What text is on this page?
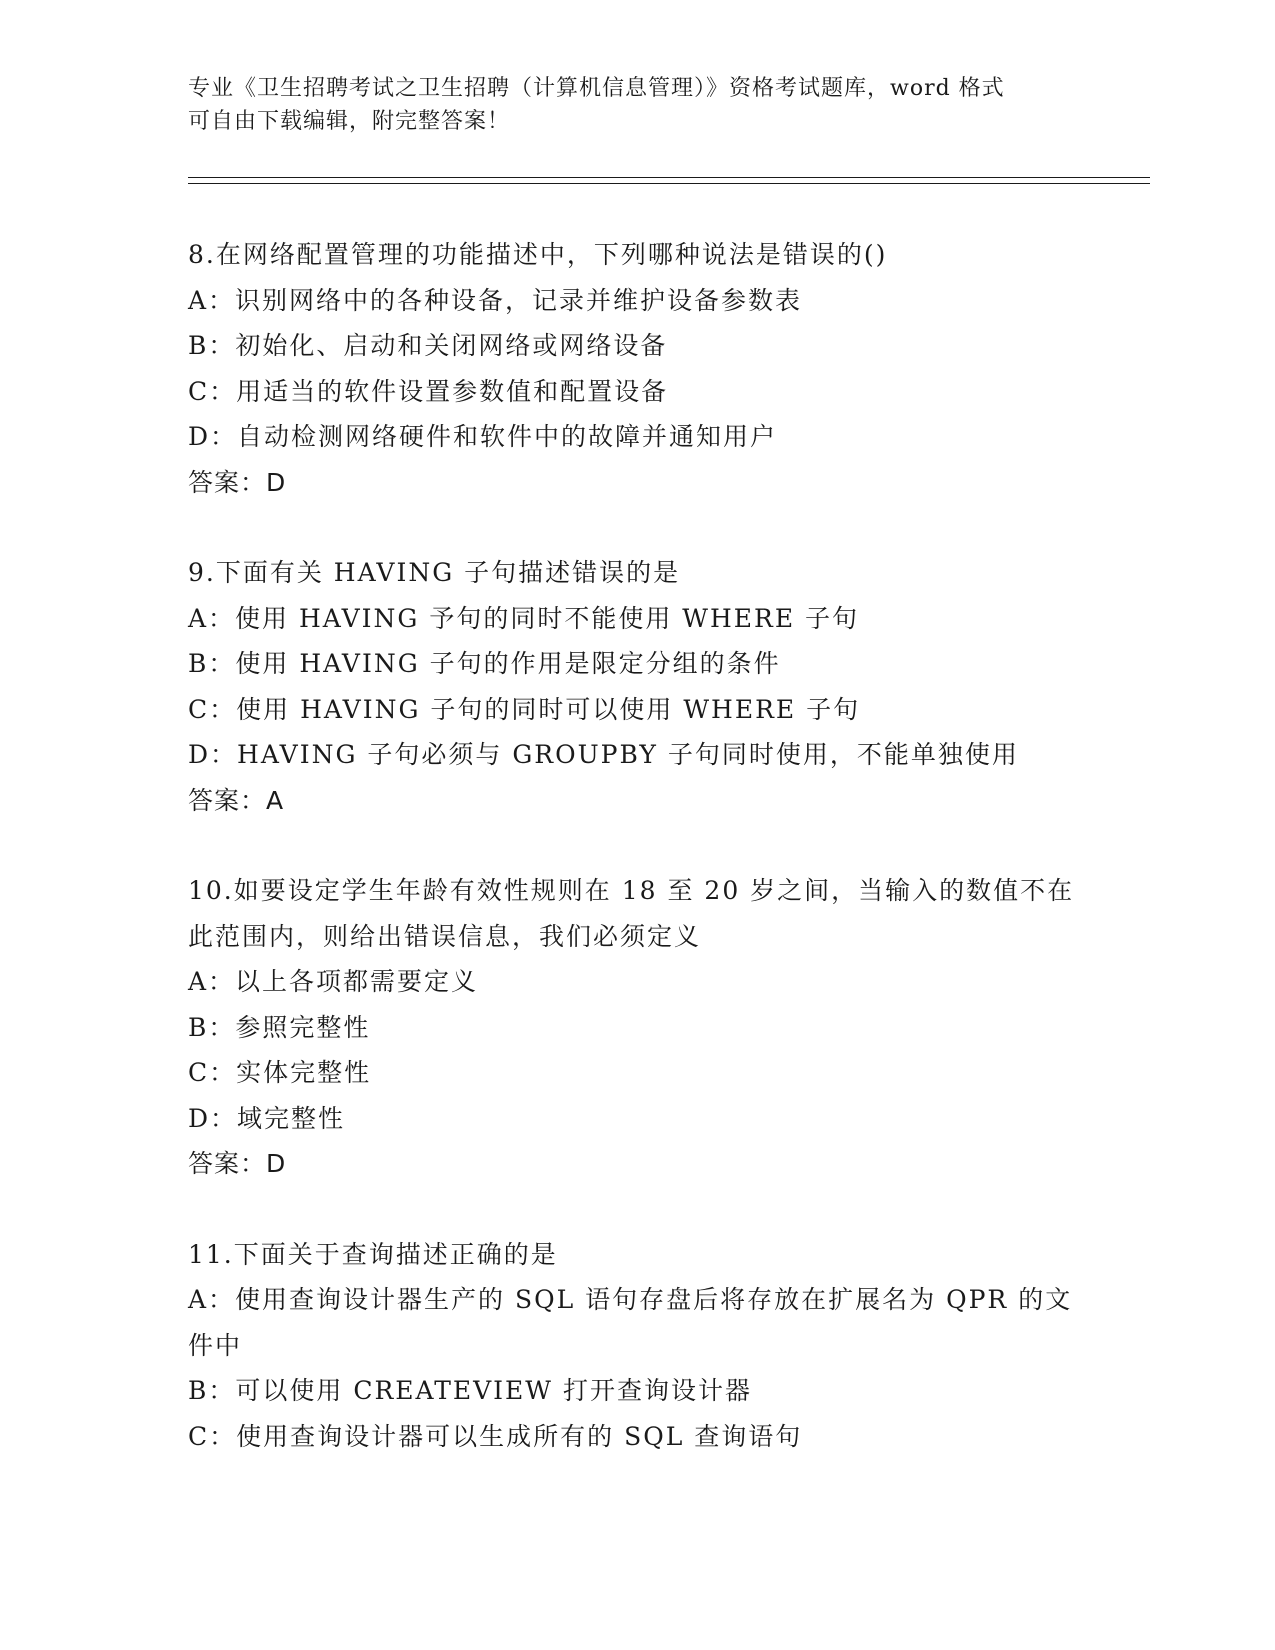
专业《卫生招聘考试之卫生招聘（计算机信息管理）》资格考试题库，word 格式
可自由下载编辑，附完整答案！
8.在网络配置管理的功能描述中，下列哪种说法是错误的()
A：识别网络中的各种设备，记录并维护设备参数表
B：初始化、启动和关闭网络或网络设备
C：用适当的软件设置参数值和配置设备
D：自动检测网络硬件和软件中的故障并通知用户
答案：D
9.下面有关 HAVING 子句描述错误的是
A：使用 HAVING 予句的同时不能使用 WHERE 子句
B：使用 HAVING 子句的作用是限定分组的条件
C：使用 HAVING 子句的同时可以使用 WHERE 子句
D：HAVING 子句必须与 GROUPBY 子句同时使用，不能单独使用
答案：A
10.如要设定学生年龄有效性规则在 18 至 20 岁之间，当输入的数值不在此范围内，则给出错误信息，我们必须定义
A：以上各项都需要定义
B：参照完整性
C：实体完整性
D：域完整性
答案：D
11.下面关于查询描述正确的是
A：使用查询设计器生产的 SQL 语句存盘后将存放在扩展名为 QPR 的文件中
B：可以使用 CREATEVIEW 打开查询设计器
C：使用查询设计器可以生成所有的 SQL 查询语句
